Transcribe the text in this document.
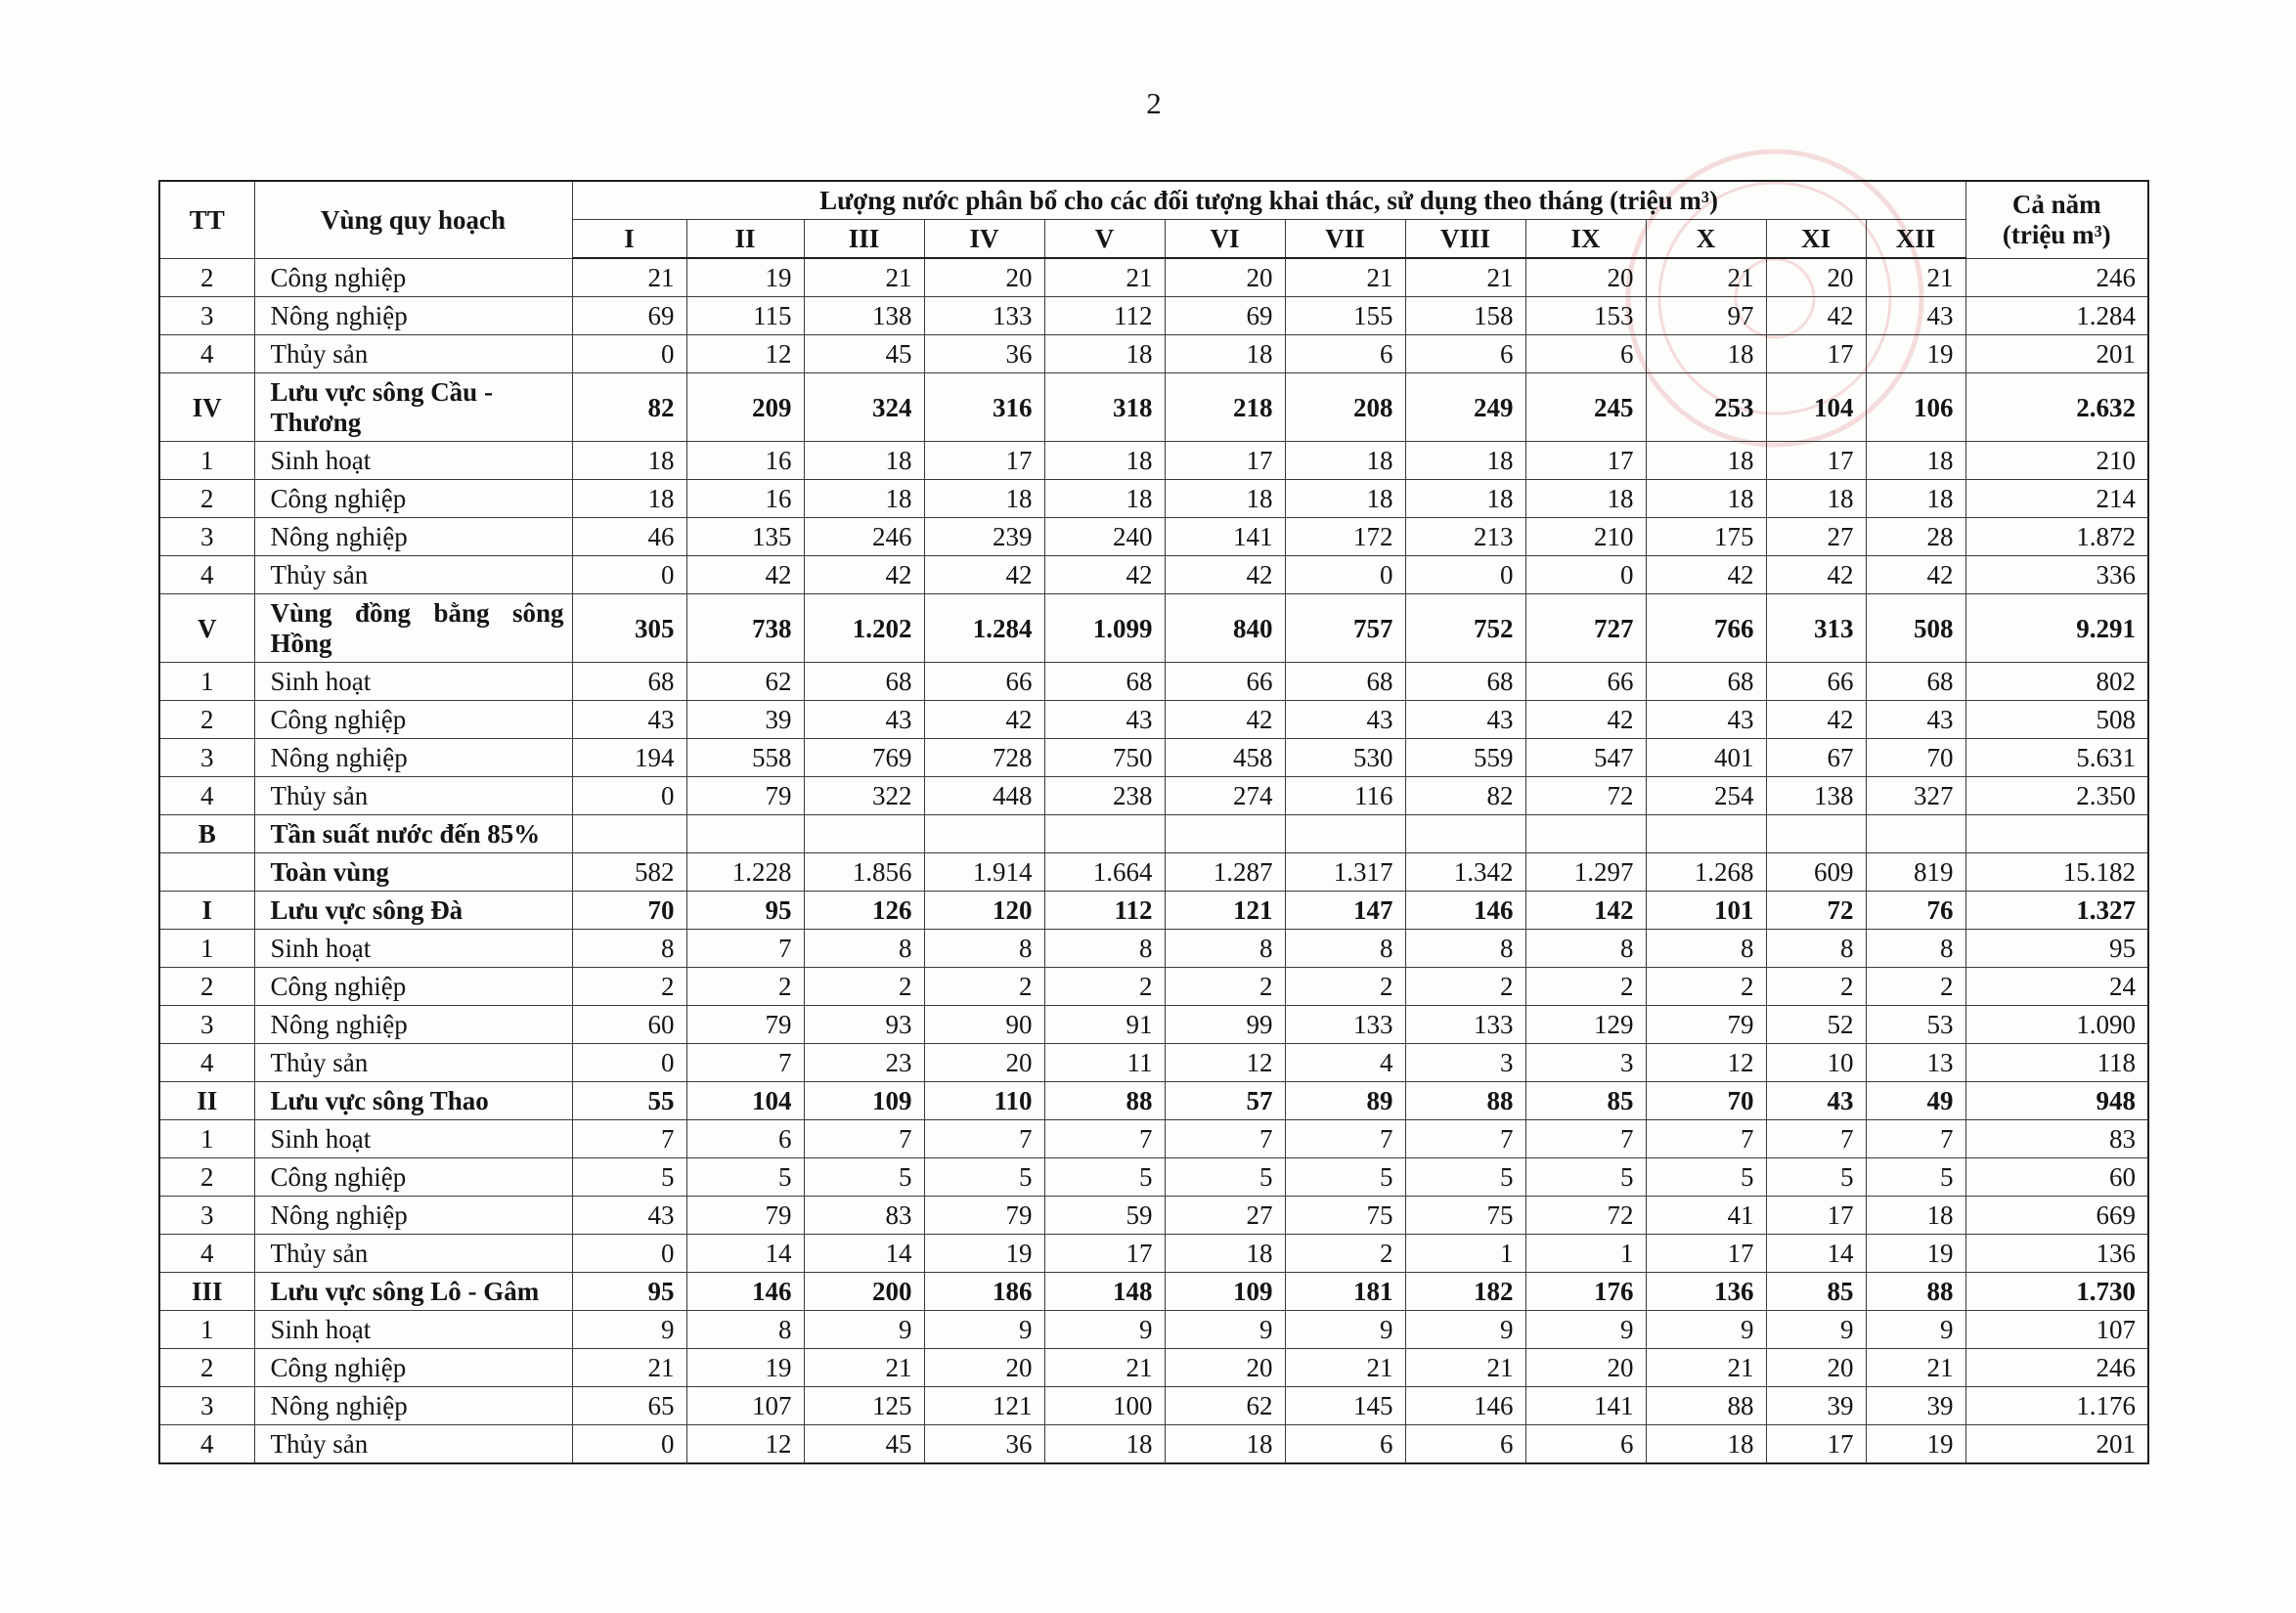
2
TT	Vùng quy hoạch	Lượng nước phân bổ cho các đối tượng khai thác, sử dụng theo tháng (triệu m³)												Cả năm
(triệu m³)

		I	II	III	IV	V	VI	VII	VIII	IX	X	XI	XII	
2	Công nghiệp	21	19	21	20	21	20	21	21	20	21	20	21	246
3	Nông nghiệp	69	115	138	133	112	69	155	158	153	97	42	43	1.284
4	Thủy sản	0	12	45	36	18	18	6	6	6	18	17	19	201
IV	Lưu vực sông Cầu - Thương	82	209	324	316	318	218	208	249	245	253	104	106	2.632
1	Sinh hoạt	18	16	18	17	18	17	18	18	17	18	17	18	210
2	Công nghiệp	18	16	18	18	18	18	18	18	18	18	18	18	214
3	Nông nghiệp	46	135	246	239	240	141	172	213	210	175	27	28	1.872
4	Thủy sản	0	42	42	42	42	42	0	0	0	42	42	42	336
V	Vùng đồng bằng sông Hồng	305	738	1.202	1.284	1.099	840	757	752	727	766	313	508	9.291
1	Sinh hoạt	68	62	68	66	68	66	68	68	66	68	66	68	802
2	Công nghiệp	43	39	43	42	43	42	43	43	42	43	42	43	508
3	Nông nghiệp	194	558	769	728	750	458	530	559	547	401	67	70	5.631
4	Thủy sản	0	79	322	448	238	274	116	82	72	254	138	327	2.350
B	Tần suất nước đến 85%													
	Toàn vùng	582	1.228	1.856	1.914	1.664	1.287	1.317	1.342	1.297	1.268	609	819	15.182
I	Lưu vực sông Đà	70	95	126	120	112	121	147	146	142	101	72	76	1.327
1	Sinh hoạt	8	7	8	8	8	8	8	8	8	8	8	8	95
2	Công nghiệp	2	2	2	2	2	2	2	2	2	2	2	2	24
3	Nông nghiệp	60	79	93	90	91	99	133	133	129	79	52	53	1.090
4	Thủy sản	0	7	23	20	11	12	4	3	3	12	10	13	118
II	Lưu vực sông Thao	55	104	109	110	88	57	89	88	85	70	43	49	948
1	Sinh hoạt	7	6	7	7	7	7	7	7	7	7	7	7	83
2	Công nghiệp	5	5	5	5	5	5	5	5	5	5	5	5	60
3	Nông nghiệp	43	79	83	79	59	27	75	75	72	41	17	18	669
4	Thủy sản	0	14	14	19	17	18	2	1	1	17	14	19	136
III	Lưu vực sông Lô - Gâm	95	146	200	186	148	109	181	182	176	136	85	88	1.730
1	Sinh hoạt	9	8	9	9	9	9	9	9	9	9	9	9	107
2	Công nghiệp	21	19	21	20	21	20	21	21	20	21	20	21	246
3	Nông nghiệp	65	107	125	121	100	62	145	146	141	88	39	39	1.176
4	Thủy sản	0	12	45	36	18	18	6	6	6	18	17	19	201
